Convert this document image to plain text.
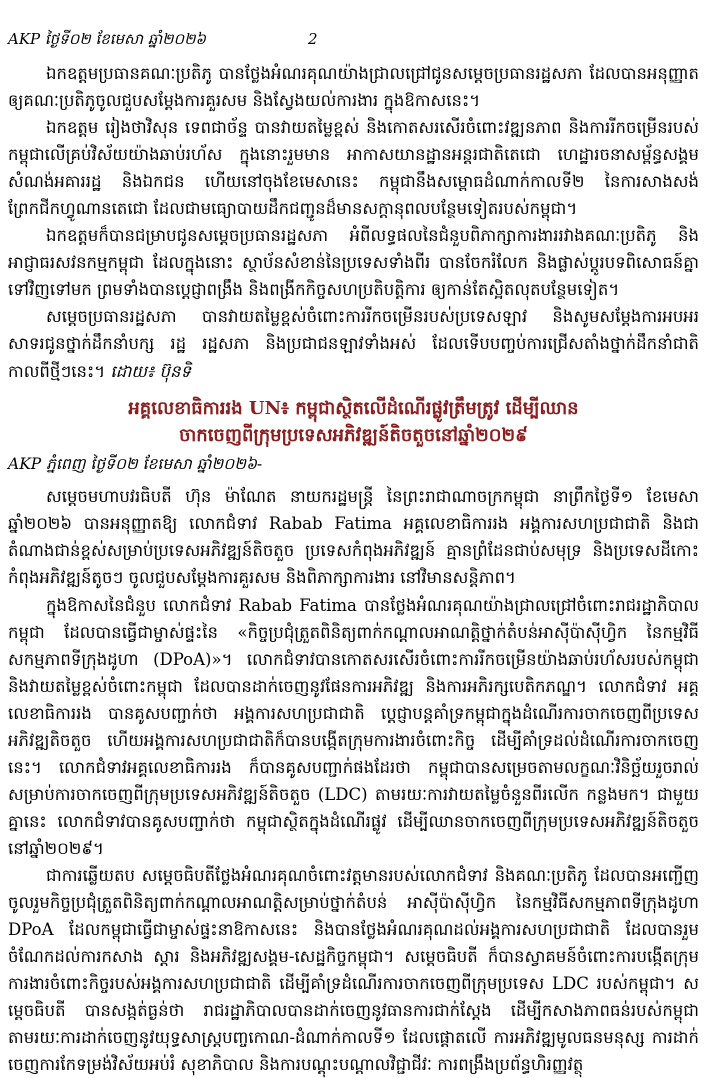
AKP ថ្ងៃទី០២ ខែមេសា ឆ្នាំ២០២៦	2

ឯកឧត្តមប្រធានគណៈប្រតិភូ បានថ្លែងអំណរគុណយ៉ាងជ្រាលជ្រៅជូនសម្តេចប្រធានរដ្ឋសភា ដែលបានអនុញ្ញាតឲ្យគណៈប្រតិភូចូលជួបសម្តែងការគួរសម និងស្វែងយល់ការងារ ក្នុងឱកាសនេះ។

ឯកឧត្តម រៀងថាវិសុន ទេពជាច័ន្ទ បានវាយតម្លៃខ្ពស់ និងកោតសរសើរចំពោះវឌ្ឍនភាព និងការរីកចម្រើនរបស់កម្ពុជាលើគ្រប់វិស័យយ៉ាងឆាប់រហ័ស ក្នុងនោះរួមមាន អាកាសយានដ្ឋានអន្តរជាតិតេជោ ហេដ្ឋារចនាសម្ព័ន្ធសង្គម សំណង់អគាររដ្ឋ និងឯកជន ហើយនៅចុងខែមេសានេះ កម្ពុជានឹងសម្ពោធដំណាក់កាលទី២ នៃការសាងសង់ព្រែកជីកហ្វូណានតេជោ ដែលជាមធ្យោបាយដឹកជញ្ជូនដ៏មានសក្តានុពលបន្ថែមទៀតរបស់កម្ពុជា។

ឯកឧត្តមក៏បានជម្រាបជូនសម្តេចប្រធានរដ្ឋសភា អំពីលទ្ធផលនៃជំនួបពិភាក្សាការងាររវាងគណៈប្រតិភូ និងអាជ្ញាធរសវនកម្មកម្ពុជា ដែលក្នុងនោះ ស្ថាប័នសំខាន់នៃប្រទេសទាំងពីរ បានចែករំលែក និងផ្លាស់ប្តូរបទពិសោធន៍គ្នាទៅវិញទៅមក ព្រមទាំងបានប្តេជ្ញាពង្រឹង និងពង្រីកកិច្ចសហប្រតិបត្តិការ ឲ្យកាន់តែស្អិតលុតបន្ថែមទៀត។

សម្តេចប្រធានរដ្ឋសភា បានវាយតម្លៃខ្ពស់ចំពោះការរីកចម្រើនរបស់ប្រទេសឡាវ និងសូមសម្តែងការអបអរសាទរជូនថ្នាក់ដឹកនាំបក្ស រដ្ឋ រដ្ឋសភា និងប្រជាជនឡាវទាំងអស់ ដែលទើបបញ្ចប់ការជ្រើសតាំងថ្នាក់ដឹកនាំជាតិ កាលពីថ្មីៗនេះ។ ដោយ៖ ប៊ុនទិ

អគ្គលេខាធិការរង UN៖ កម្ពុជាស្ថិតលើដំណើរផ្លូវត្រឹមត្រូវ ដើម្បីឈាន
ចាកចេញពីក្រុមប្រទេសអភិវឌ្ឍន៍តិចតួចនៅឆ្នាំ២០២៩
AKP ភ្នំពេញ ថ្ងៃទី០២ ខែមេសា ឆ្នាំ២០២៦-

សម្តេចមហាបវរធិបតី ហ៊ុន ម៉ាណែត នាយករដ្ឋមន្ត្រី នៃព្រះរាជាណាចក្រកម្ពុជា នាព្រឹកថ្ងៃទី១ ខែមេសា ឆ្នាំ២០២៦ បានអនុញ្ញាតឱ្យ លោកជំទាវ Rabab Fatima អគ្គលេខាធិការរង អង្គការសហប្រជាជាតិ និងជាតំណាងជាន់ខ្ពស់សម្រាប់ប្រទេសអភិវឌ្ឍន៍តិចតួច ប្រទេសកំពុងអភិវឌ្ឍន៍ គ្មានព្រំដែនជាប់សមុទ្រ និងប្រទេសដីកោះកំពុងអភិវឌ្ឍន៍តូចៗ ចូលជួបសម្តែងការគួរសម និងពិភាក្សាការងារ នៅវិមានសន្តិភាព។

ក្នុងឱកាសនៃជំនួប លោកជំទាវ Rabab Fatima បានថ្លែងអំណរគុណយ៉ាងជ្រាលជ្រៅចំពោះរាជរដ្ឋាភិបាលកម្ពុជា ដែលបានធ្វើជាម្ចាស់ផ្ទះនៃ «កិច្ចប្រជុំត្រួតពិនិត្យពាក់កណ្តាលអាណត្តិថ្នាក់តំបន់អាស៊ីប៉ាស៊ីហ្វិក នៃកម្មវិធីសកម្មភាពទីក្រុងដូហា (DPoA)»។ លោកជំទាវបានកោតសរសើរចំពោះការរីកចម្រើនយ៉ាងឆាប់រហ័សរបស់កម្ពុជា និងវាយតម្លៃខ្ពស់ចំពោះកម្ពុជា ដែលបានដាក់ចេញនូវផែនការអភិវឌ្ឍ និងការអភិរក្សបេតិកភណ្ឌ។ លោកជំទាវ អគ្គលេខាធិការរង បានគូសបញ្ជាក់ថា អង្គការសហប្រជាជាតិ ប្តេជ្ញាបន្តគាំទ្រកម្ពុជាក្នុងដំណើរការចាកចេញពីប្រទេសអភិវឌ្ឍតិចតួច ហើយអង្គការសហប្រជាជាតិក៏បានបង្កើតក្រុមការងារចំពោះកិច្ច ដើម្បីគាំទ្រដល់ដំណើរការចាកចេញនេះ។ លោកជំទាវអគ្គលេខាធិការរង ក៏បានគូសបញ្ជាក់ផងដែរថា កម្ពុជាបានសម្រេចតាមលក្ខណៈវិនិច្ឆ័យរួចរាល់សម្រាប់ការចាកចេញពីក្រុមប្រទេសអភិវឌ្ឍន៍តិចតួច (LDC) តាមរយៈការវាយតម្លៃចំនួនពីរលើក កន្លងមក។ ជាមួយគ្នានេះ លោកជំទាវបានគូសបញ្ជាក់ថា កម្ពុជាស្ថិតក្នុងដំណើរផ្លូវ ដើម្បីឈានចាកចេញពីក្រុមប្រទេសអភិវឌ្ឍន៍តិចតួច នៅឆ្នាំ២០២៩។

ជាការឆ្លើយតប សម្តេចធិបតីថ្លែងអំណរគុណចំពោះវត្តមានរបស់លោកជំទាវ និងគណៈប្រតិភូ ដែលបានអញ្ជើញចូលរួមកិច្ចប្រជុំត្រួតពិនិត្យពាក់កណ្តាលអាណត្តិសម្រាប់ថ្នាក់តំបន់ អាស៊ីប៉ាស៊ីហ្វិក នៃកម្មវិធីសកម្មភាពទីក្រុងដូហា DPoA ដែលកម្ពុជាធ្វើជាម្ចាស់ផ្ទះនាឱកាសនេះ និងបានថ្លែងអំណរគុណដល់អង្គការសហប្រជាជាតិ ដែលបានរួមចំណែកដល់ការកសាង ស្តារ និងអភិវឌ្ឍសង្គម-សេដ្ឋកិច្ចកម្ពុជា។ សម្តេចធិបតី ក៏បានស្វាគមន៍ចំពោះការបង្កើតក្រុមការងារចំពោះកិច្ចរបស់អង្គការសហប្រជាជាតិ ដើម្បីគាំទ្រដំណើរការចាកចេញពីក្រុមប្រទេស LDC របស់កម្ពុជា។ សម្តេចធិបតី បានសង្កត់ធ្ងន់ថា រាជរដ្ឋាភិបាលបានដាក់ចេញនូវធានការជាក់ស្តែង ដើម្បីកសាងភាពធន់របស់កម្ពុជា តាមរយៈការដាក់ចេញនូវយុទ្ធសាស្ត្របញ្ចកោណ-ដំណាក់កាលទី១ ដែលផ្តោតលើ ការអភិវឌ្ឍមូលធនមនុស្ស ការដាក់ចេញការកែទម្រង់វិស័យអប់រំ សុខាភិបាល និងការបណ្តុះបណ្តាលវិជ្ជាជីវៈ ការពង្រឹងប្រព័ន្ធហិរញ្ញវត្ថុ
